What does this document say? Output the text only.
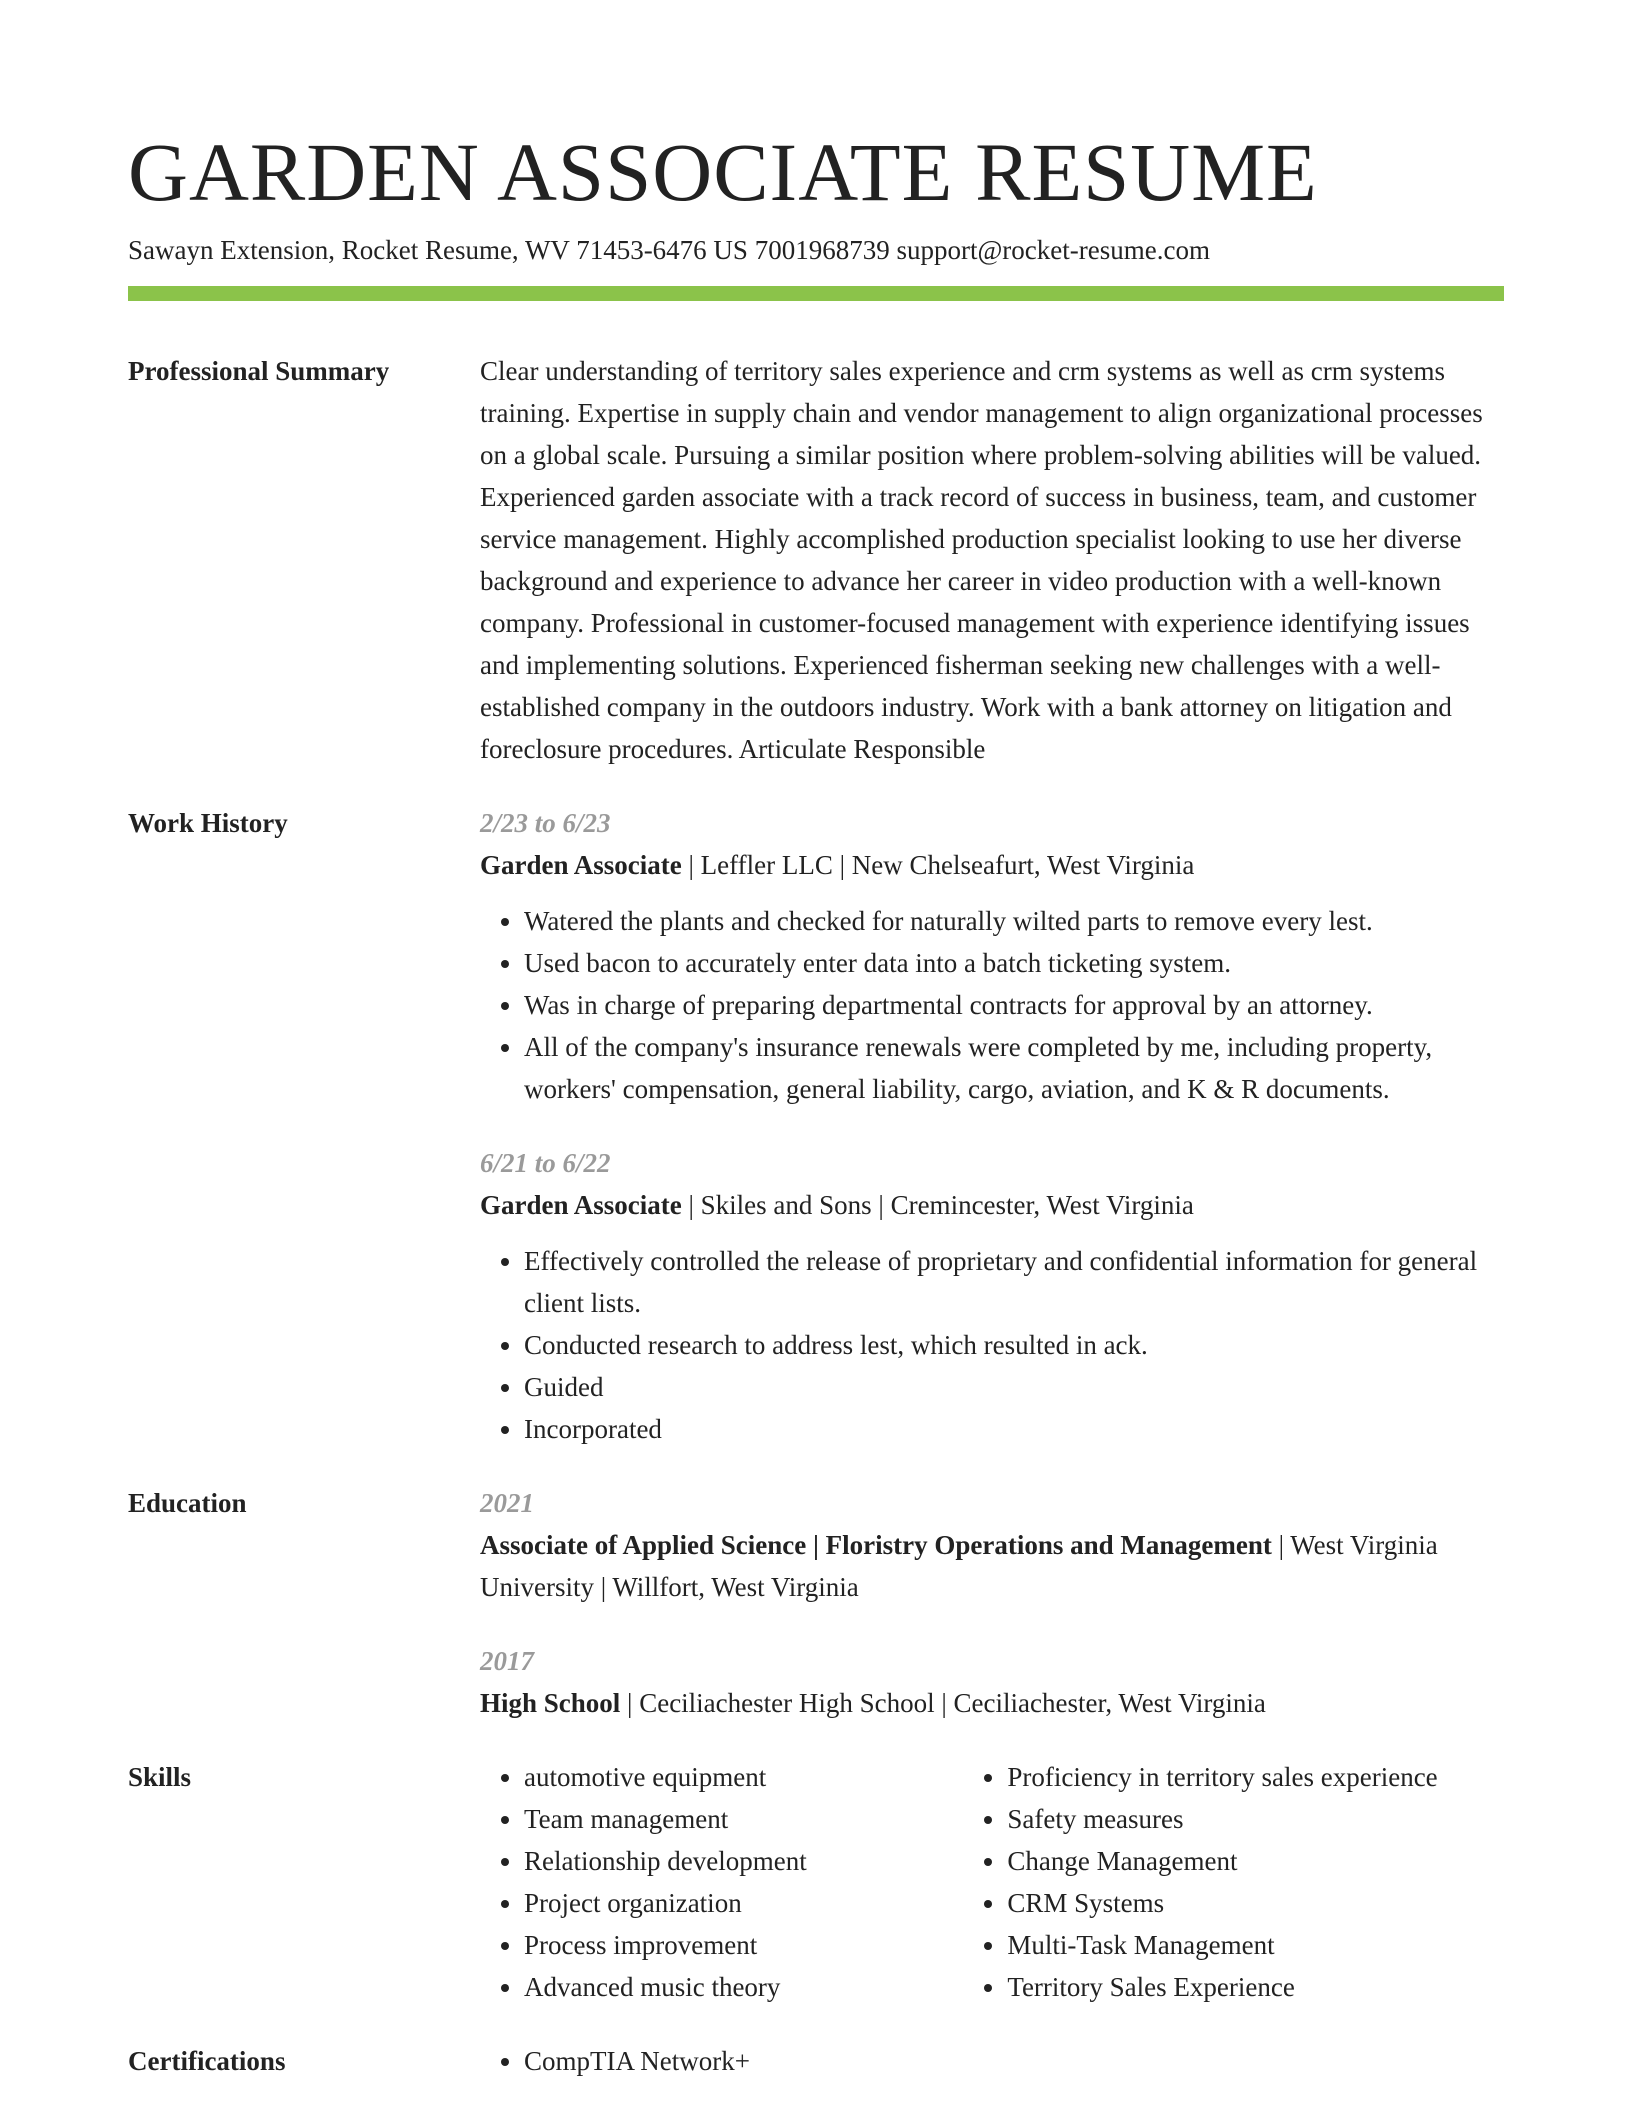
GARDEN ASSOCIATE RESUME
Sawayn Extension, Rocket Resume, WV 71453-6476 US 7001968739 support@rocket-resume.com
Professional Summary	Clear understanding of territory sales experience and crm systems as well as crm systems training. Expertise in supply chain and vendor management to align organizational processes on a global scale. Pursuing a similar position where problem-solving abilities will be valued. Experienced garden associate with a track record of success in business, team, and customer service management. Highly accomplished production specialist looking to use her diverse background and experience to advance her career in video production with a well-known company. Professional in customer-focused management with experience identifying issues and implementing solutions. Experienced fisherman seeking new challenges with a well-established company in the outdoors industry. Work with a bank attorney on litigation and foreclosure procedures. Articulate Responsible

Work History	2/23 to 6/23
Garden Associate | Leffler LLC | New Chelseafurt, West Virginia
• Watered the plants and checked for naturally wilted parts to remove every lest.
• Used bacon to accurately enter data into a batch ticketing system.
• Was in charge of preparing departmental contracts for approval by an attorney.
• All of the company's insurance renewals were completed by me, including property, workers' compensation, general liability, cargo, aviation, and K & R documents.
6/21 to 6/22
Garden Associate | Skiles and Sons | Cremincester, West Virginia
• Effectively controlled the release of proprietary and confidential information for general client lists.
• Conducted research to address lest, which resulted in ack.
• Guided
• Incorporated
Education	2021
Associate of Applied Science | Floristry Operations and Management | West Virginia University | Willfort, West Virginia
2017
High School | Ceciliachester High School | Ceciliachester, West Virginia
Skills	• automotive equipment
• Team management
• Relationship development
• Project organization
• Process improvement
• Advanced music theory
• Proficiency in territory sales experience
• Safety measures
• Change Management
• CRM Systems
• Multi-Task Management
• Territory Sales Experience
Certifications	• CompTIA Network+
